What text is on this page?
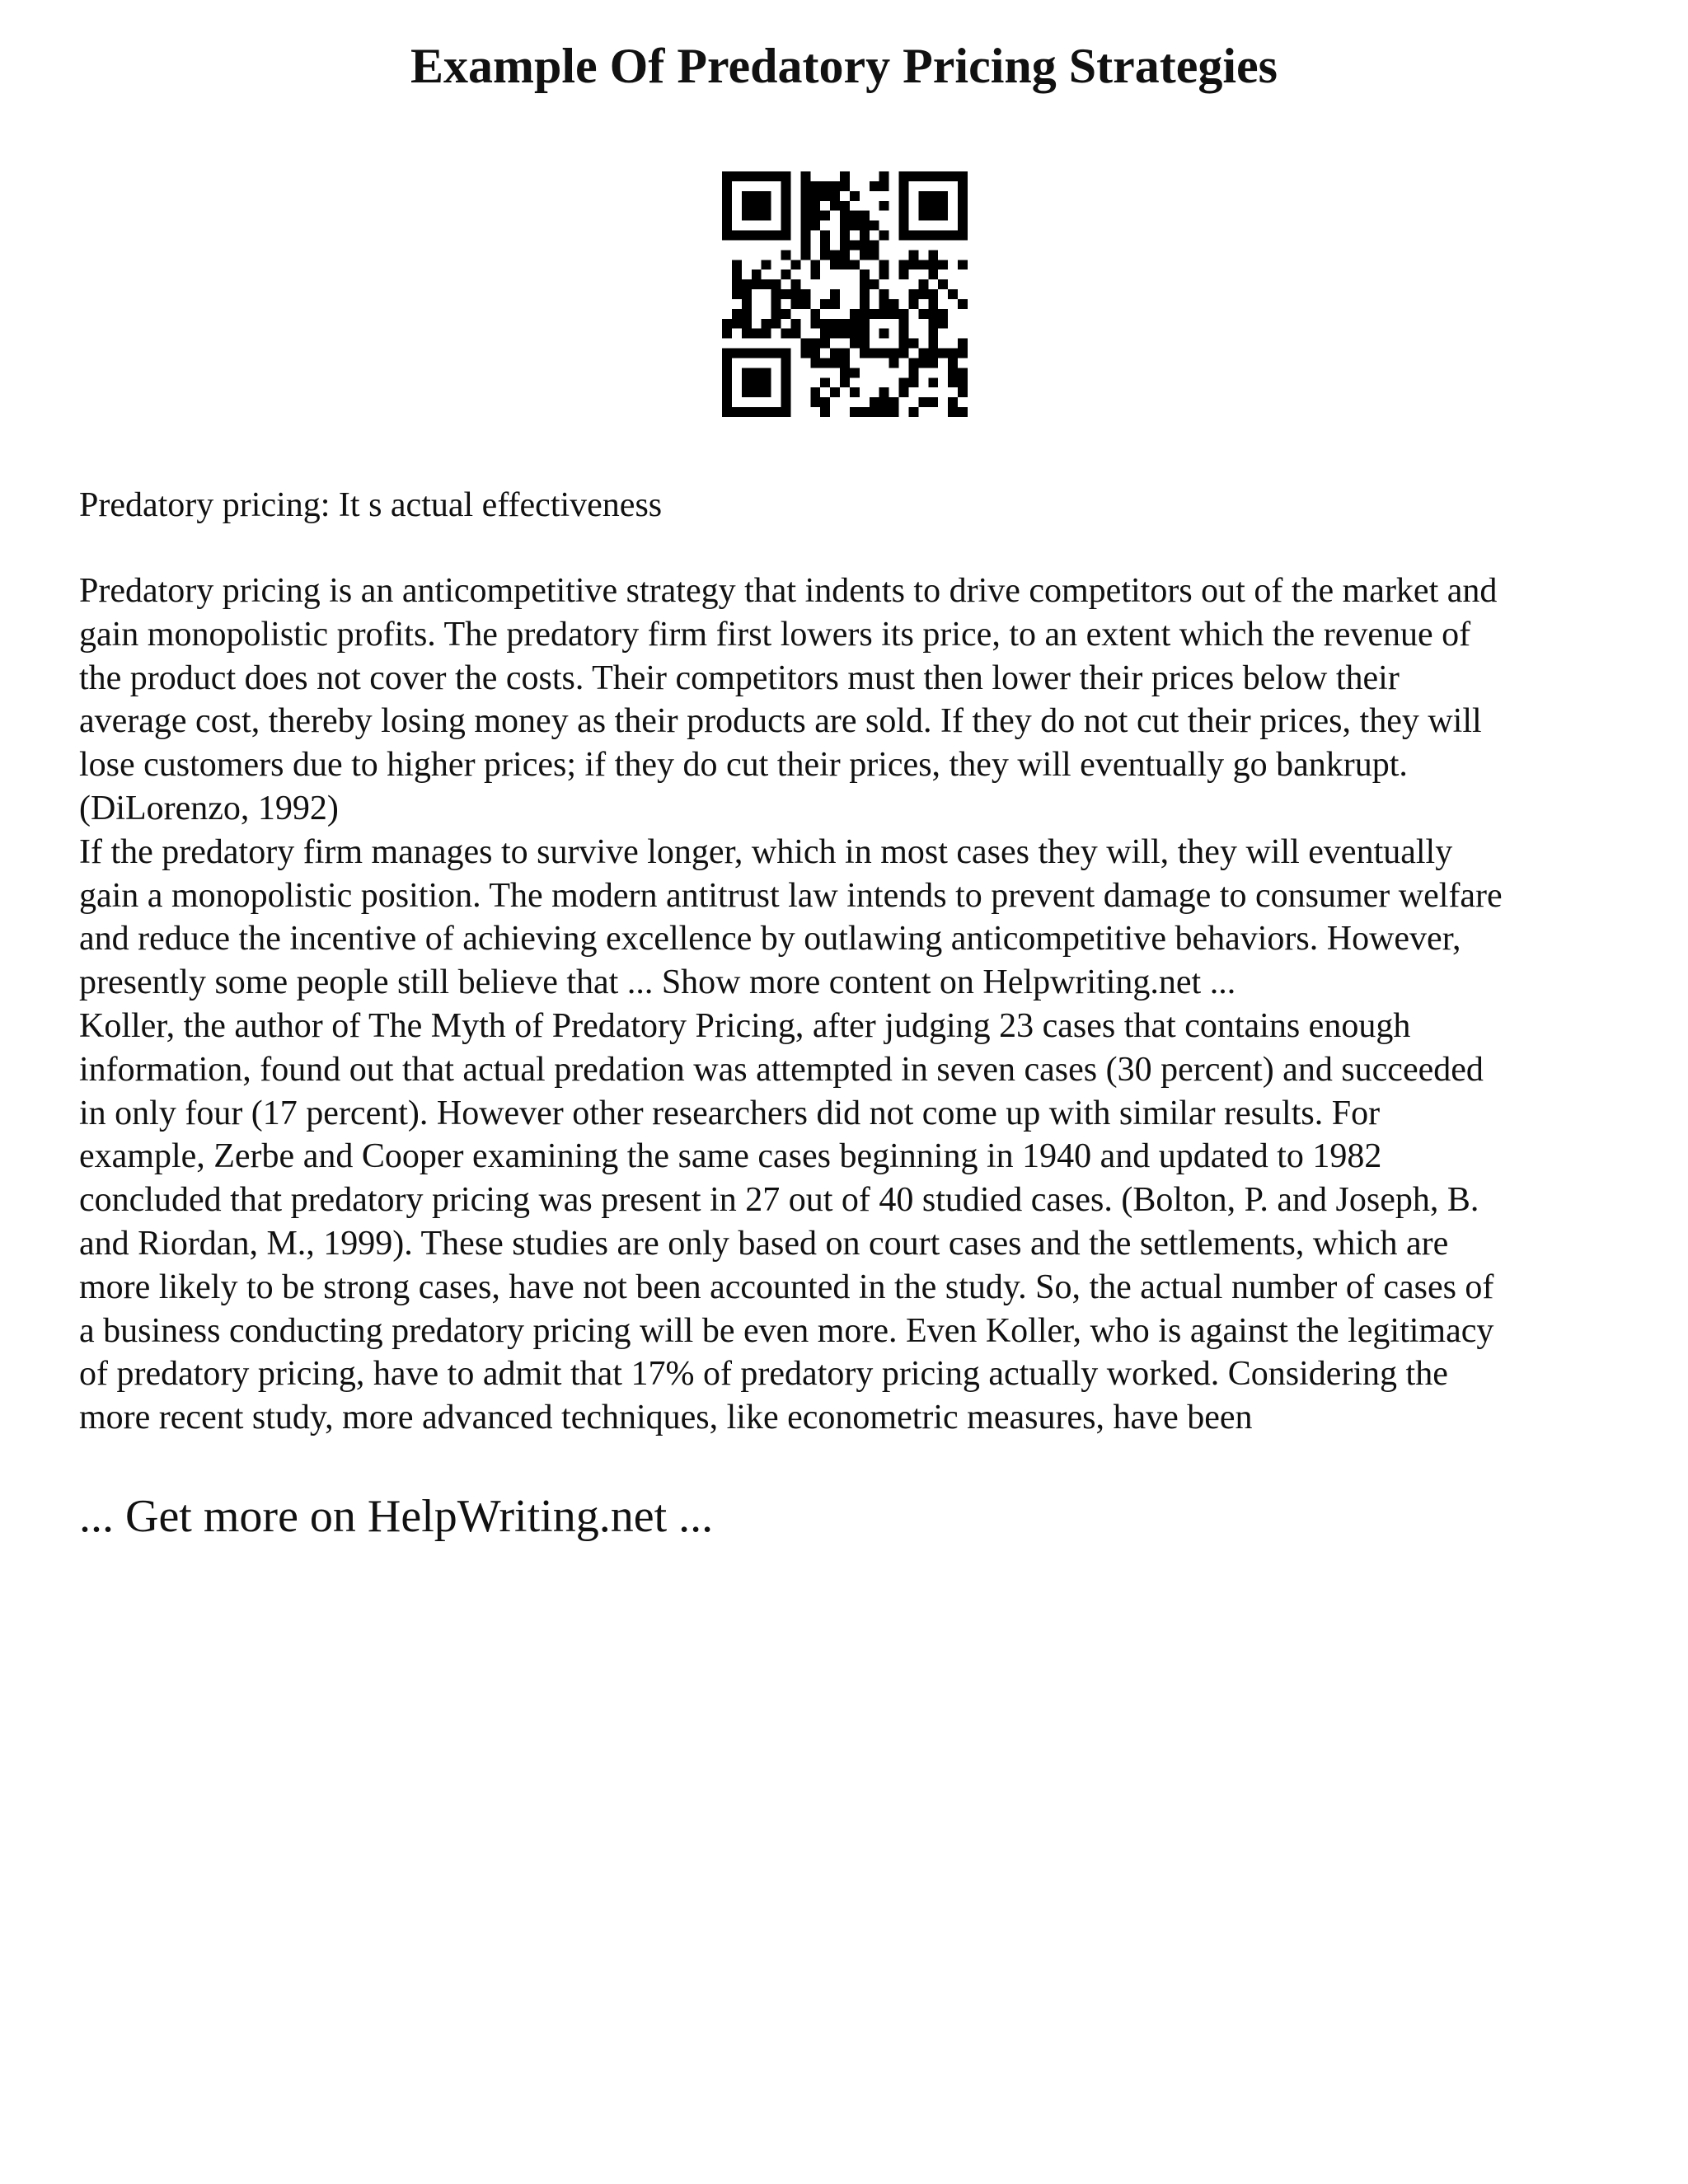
Example Of Predatory Pricing Strategies

Predatory pricing: It s actual effectiveness

Predatory pricing is an anticompetitive strategy that indents to drive competitors out of the market and
gain monopolistic profits. The predatory firm first lowers its price, to an extent which the revenue of
the product does not cover the costs. Their competitors must then lower their prices below their
average cost, thereby losing money as their products are sold. If they do not cut their prices, they will
lose customers due to higher prices; if they do cut their prices, they will eventually go bankrupt.
(DiLorenzo, 1992)
If the predatory firm manages to survive longer, which in most cases they will, they will eventually
gain a monopolistic position. The modern antitrust law intends to prevent damage to consumer welfare
and reduce the incentive of achieving excellence by outlawing anticompetitive behaviors. However,
presently some people still believe that ... Show more content on Helpwriting.net ...
Koller, the author of The Myth of Predatory Pricing, after judging 23 cases that contains enough
information, found out that actual predation was attempted in seven cases (30 percent) and succeeded
in only four (17 percent). However other researchers did not come up with similar results. For
example, Zerbe and Cooper examining the same cases beginning in 1940 and updated to 1982
concluded that predatory pricing was present in 27 out of 40 studied cases. (Bolton, P. and Joseph, B.
and Riordan, M., 1999). These studies are only based on court cases and the settlements, which are
more likely to be strong cases, have not been accounted in the study. So, the actual number of cases of
a business conducting predatory pricing will be even more. Even Koller, who is against the legitimacy
of predatory pricing, have to admit that 17% of predatory pricing actually worked. Considering the
more recent study, more advanced techniques, like econometric measures, have been

... Get more on HelpWriting.net ...
